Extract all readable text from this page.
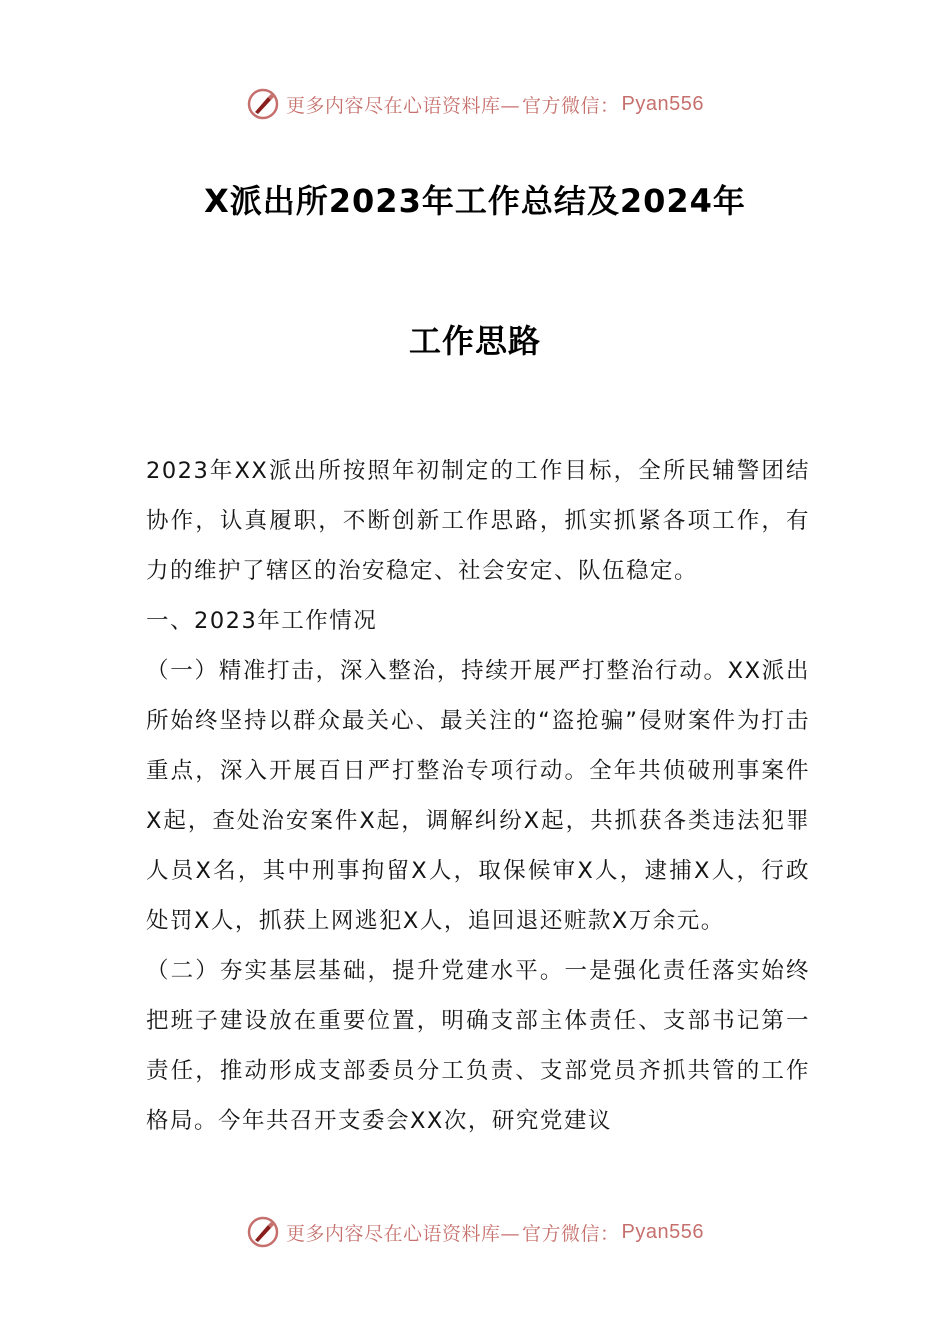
更多内容尽在心语资料库— 官方微信： Pyan556
X派出所2023年工作总结及2024年
工作思路

2023年XX派出所按照年初制定的工作目标，全所民辅警团结协作，认真履职，不断创新工作思路，抓实抓紧各项工作，有力的维护了辖区的治安稳定、社会安定、队伍稳定。

一、2023年工作情况

（一）精准打击，深入整治，持续开展严打整治行动。XX派出所始终坚持以群众最关心、最关注的“盗抢骗”侵财案件为打击重点，深入开展百日严打整治专项行动。全年共侦破刑事案件X起，查处治安案件X起，调解纠纷X起，共抓获各类违法犯罪人员X名，其中刑事拘留X人，取保候审X人，逮捕X人，行政处罚X人，抓获上网逃犯X人，追回退还赃款X万余元。

（二）夯实基层基础，提升党建水平。一是强化责任落实始终把班子建设放在重要位置，明确支部主体责任、支部书记第一责任，推动形成支部委员分工负责、支部党员齐抓共管的工作格局。今年共召开支委会XX次，研究党建议

更多内容尽在心语资料库— 官方微信： Pyan556
